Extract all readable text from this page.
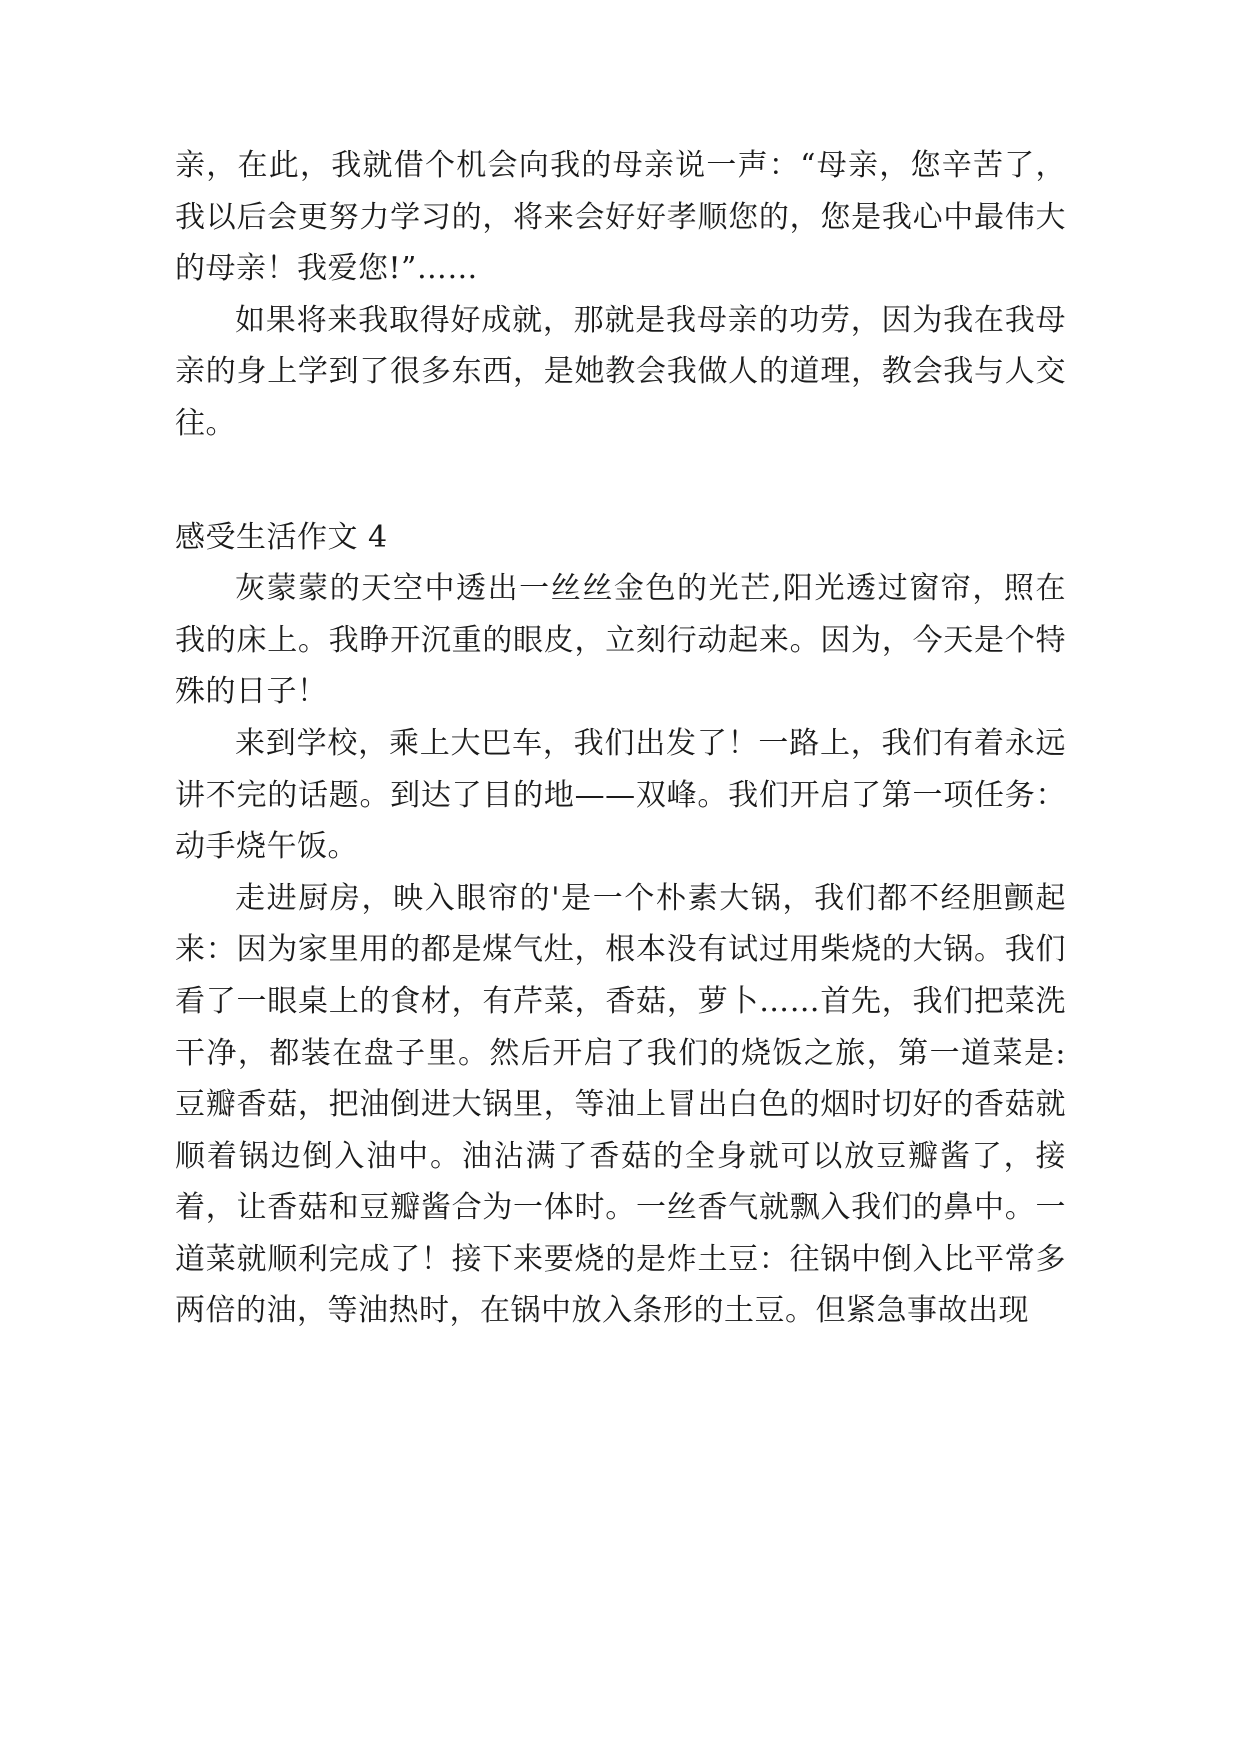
亲，在此，我就借个机会向我的母亲说一声：“母亲，您辛苦了，我以后会更努力学习的，将来会好好孝顺您的，您是我心中最伟大的母亲！我爱您!”……

如果将来我取得好成就，那就是我母亲的功劳，因为我在我母亲的身上学到了很多东西，是她教会我做人的道理，教会我与人交往。

感受生活作文 4

灰蒙蒙的天空中透出一丝丝金色的光芒,阳光透过窗帘，照在我的床上。我睁开沉重的眼皮，立刻行动起来。因为，今天是个特殊的日子！

来到学校，乘上大巴车，我们出发了！一路上，我们有着永远讲不完的话题。到达了目的地——双峰。我们开启了第一项任务：动手烧午饭。

走进厨房，映入眼帘的'是一个朴素大锅，我们都不经胆颤起来：因为家里用的都是煤气灶，根本没有试过用柴烧的大锅。我们看了一眼桌上的食材，有芹菜，香菇，萝卜……首先，我们把菜洗干净，都装在盘子里。然后开启了我们的烧饭之旅，第一道菜是:豆瓣香菇，把油倒进大锅里，等油上冒出白色的烟时切好的香菇就顺着锅边倒入油中。油沾满了香菇的全身就可以放豆瓣酱了，接着，让香菇和豆瓣酱合为一体时。一丝香气就飘入我们的鼻中。一道菜就顺利完成了！接下来要烧的是炸土豆：往锅中倒入比平常多两倍的油，等油热时，在锅中放入条形的土豆。但紧急事故出现
